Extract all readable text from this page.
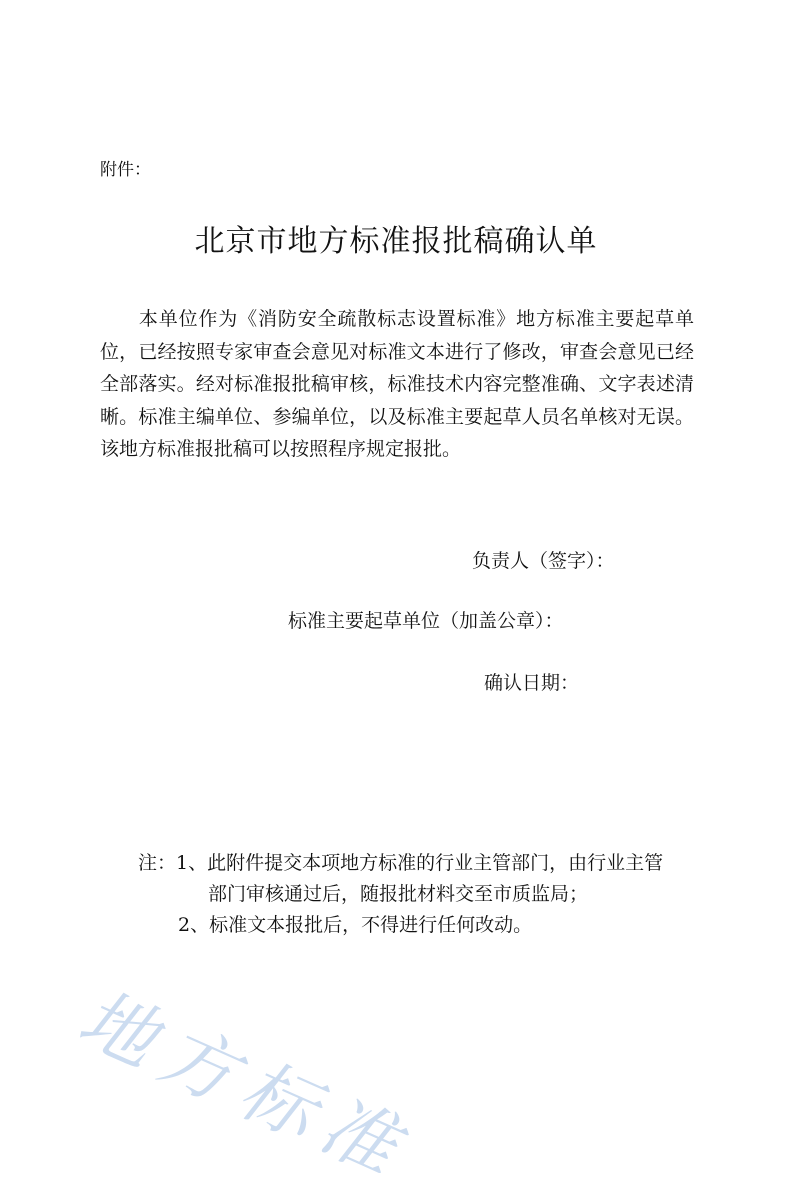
附件：
北京市地方标准报批稿确认单
本单位作为《消防安全疏散标志设置标准》地方标准主要起草单位，已经按照专家审查会意见对标准文本进行了修改，审查会意见已经全部落实。经对标准报批稿审核，标准技术内容完整准确、文字表述清晰。标准主编单位、参编单位，以及标准主要起草人员名单核对无误。该地方标准报批稿可以按照程序规定报批。
负责人（签字）：
标准主要起草单位（加盖公章）：
确认日期：
注：1、此附件提交本项地方标准的行业主管部门，由行业主管
部门审核通过后，随报批材料交至市质监局；
2、标准文本报批后，不得进行任何改动。
地方标准
